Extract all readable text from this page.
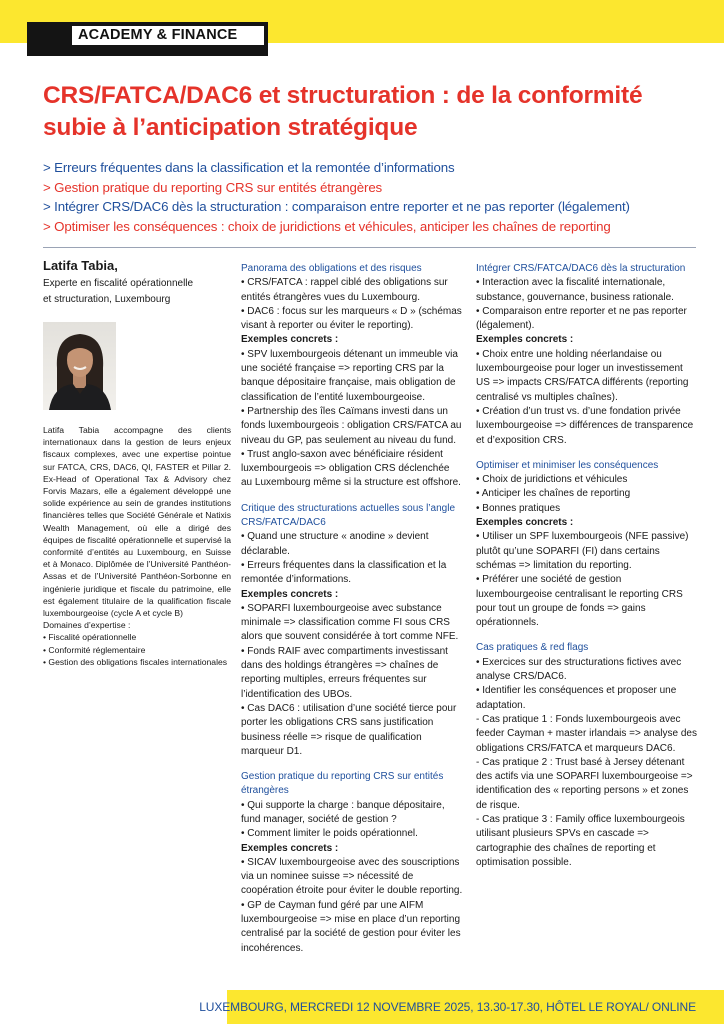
ACADEMY & FINANCE
CRS/FATCA/DAC6 et structuration : de la conformité subie à l’anticipation stratégique
> Erreurs fréquentes dans la classification et la remontée d’informations
> Gestion pratique du reporting CRS sur entités étrangères
> Intégrer CRS/DAC6 dès la structuration : comparaison entre reporter et ne pas reporter (légalement)
> Optimiser les conséquences : choix de juridictions et véhicules, anticiper les chaînes de reporting
Latifa Tabia,
Experte en fiscalité opérationnelle
et structuration, Luxembourg

Latifa Tabia accompagne des clients internationaux dans la gestion de leurs enjeux fiscaux complexes, avec une expertise pointue sur FATCA, CRS, DAC6, QI, FASTER et Pillar 2. Ex-Head of Operational Tax & Advisory chez Forvis Mazars, elle a également développé une solide expérience au sein de grandes institutions financières telles que Société Générale et Natixis Wealth Management, où elle a dirigé des équipes de fiscalité opérationnelle et supervisé la conformité d’entités au Luxembourg, en Suisse et à Monaco. Diplômée de l’Université Panthéon-Assas et de l’Université Panthéon-Sorbonne en ingénierie juridique et fiscale du patrimoine, elle est également titulaire de la qualification fiscale luxembourgeoise (cycle A et cycle B)

Domaines d’expertise :
• Fiscalité opérationnelle
• Conformité réglementaire
• Gestion des obligations fiscales internationales
Panorama des obligations et des risques
• CRS/FATCA : rappel ciblé des obligations sur entités étrangères vues du Luxembourg.
• DAC6 : focus sur les marqueurs « D » (schémas visant à reporter ou éviter le reporting).
Exemples concrets :
• SPV luxembourgeois détenant un immeuble via une société française => reporting CRS par la banque dépositaire française, mais obligation de classification de l’entité luxembourgeoise.
• Partnership des îles Caïmans investi dans un fonds luxembourgeois : obligation CRS/FATCA au niveau du GP, pas seulement au niveau du fund.
• Trust anglo-saxon avec bénéficiaire résident luxembourgeois => obligation CRS déclenchée au Luxembourg même si la structure est offshore.
Critique des structurations actuelles sous l’angle CRS/FATCA/DAC6
• Quand une structure « anodine » devient déclarable.
• Erreurs fréquentes dans la classification et la remontée d’informations.
Exemples concrets :
• SOPARFI luxembourgeoise avec substance minimale => classification comme FI sous CRS alors que souvent considérée à tort comme NFE.
• Fonds RAIF avec compartiments investissant dans des holdings étrangères => chaînes de reporting multiples, erreurs fréquentes sur l’identification des UBOs.
• Cas DAC6 : utilisation d’une société tierce pour porter les obligations CRS sans justification business réelle => risque de qualification marqueur D1.
Gestion pratique du reporting CRS sur entités étrangères
• Qui supporte la charge : banque dépositaire, fund manager, société de gestion ?
• Comment limiter le poids opérationnel.
Exemples concrets :
• SICAV luxembourgeoise avec des souscriptions via un nominee suisse => nécessité de coopération étroite pour éviter le double reporting.
• GP de Cayman fund géré par une AIFM luxembourgeoise => mise en place d’un reporting centralisé par la société de gestion pour éviter les incohérences.
Intégrer CRS/FATCA/DAC6 dès la structuration
• Interaction avec la fiscalité internationale, substance, gouvernance, business rationale.
• Comparaison entre reporter et ne pas reporter (légalement).
Exemples concrets :
• Choix entre une holding néerlandaise ou luxembourgeoise pour loger un investissement US => impacts CRS/FATCA différents (reporting centralisé vs multiples chaînes).
• Création d’un trust vs. d’une fondation privée luxembourgeoise => différences de transparence et d’exposition CRS.
Optimiser et minimiser les conséquences
• Choix de juridictions et véhicules
• Anticiper les chaînes de reporting
• Bonnes pratiques
Exemples concrets :
• Utiliser un SPF luxembourgeois (NFE passive) plutôt qu’une SOPARFI (FI) dans certains schémas => limitation du reporting.
• Préférer une société de gestion luxembourgeoise centralisant le reporting CRS pour tout un groupe de fonds => gains opérationnels.
Cas pratiques & red flags
• Exercices sur des structurations fictives avec analyse CRS/DAC6.
• Identifier les conséquences et proposer une adaptation.
- Cas pratique 1 : Fonds luxembourgeois avec feeder Cayman + master irlandais => analyse des obligations CRS/FATCA et marqueurs DAC6.
- Cas pratique 2 : Trust basé à Jersey détenant des actifs via une SOPARFI luxembourgeoise => identification des « reporting persons » et zones de risque.
- Cas pratique 3 : Family office luxembourgeois utilisant plusieurs SPVs en cascade => cartographie des chaînes de reporting et optimisation possible.
LUXEMBOURG, MERCREDI 12 NOVEMBRE 2025, 13.30-17.30, HÔTEL LE ROYAL/ ONLINE
